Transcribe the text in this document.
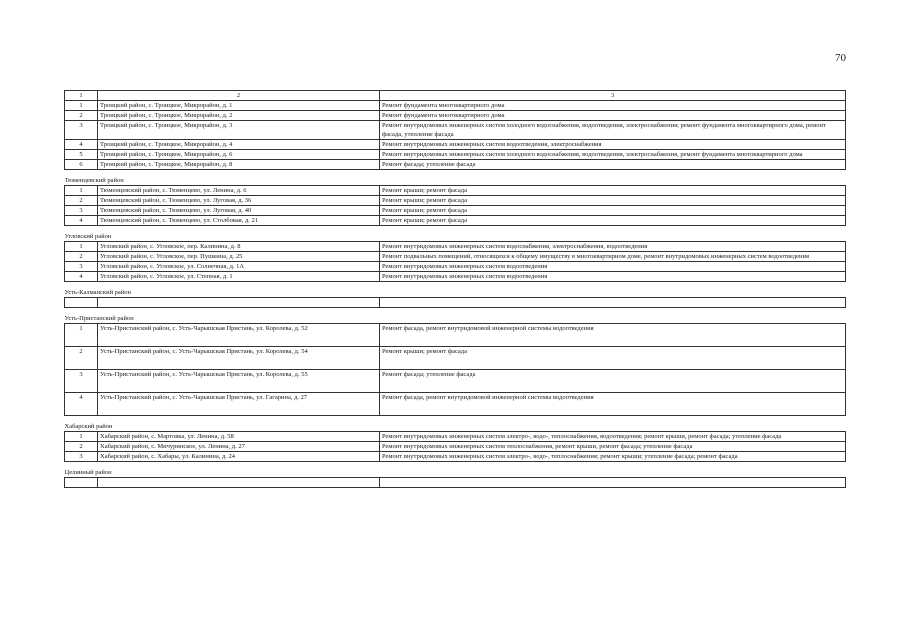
70
1	2	3
1	Троицкий район, с. Троицкое, Микрорайон, д. 1	Ремонт фундамента многоквартирного дома
2	Троицкий район, с. Троицкое, Микрорайон, д. 2	Ремонт фундамента многоквартирного дома
3	Троицкий район, с. Троицкое, Микрорайон, д. 3	Ремонт внутридомовых инженерных систем холодного водоснабжения, водоотведения, электроснабжения; ремонт фундамента многоквартирного дома, ремонт фасада, утепление фасада
4	Троицкий район, с. Троицкое, Микрорайон, д. 4	Ремонт внутридомовых инженерных систем водоотведения, электроснабжения
5	Троицкий район, с. Троицкое, Микрорайон, д. 6	Ремонт внутридомовых инженерных систем холодного водоснабжения, водоотведения, электроснабжения, ремонт фундамента многоквартирного дома
6	Троицкий район, с. Троицкое, Микрорайон, д. 8	Ремонт фасада; утепление фасада
Тюменцевский район		
1	Тюменцевский район, с. Тюменцево, ул. Ленина, д. 6	Ремонт крыши; ремонт фасада
2	Тюменцевский район, с. Тюменцево, ул. Луговая, д. 36	Ремонт крыши; ремонт фасада
3	Тюменцевский район, с. Тюменцево, ул. Луговая, д. 40	Ремонт крыши; ремонт фасада
4	Тюменцевский район, с. Тюменцево, ул. Столбовая, д. 21	Ремонт крыши; ремонт фасада
Угловский район		
1	Угловский район, с. Угловское, пер. Калинина, д. 8	Ремонт внутридомовых инженерных систем водоснабжения, электроснабжения, водоотведения
2	Угловский район, с. Угловское, пер. Пушкина, д. 25	Ремонт подвальных помещений, относящихся к общему имуществу в многоквартирном доме, ремонт внутридомовых инженерных систем водоотведения
3	Угловский район, с. Угловское, ул. Солнечная, д. 1А	Ремонт внутридомовых инженерных систем водоотведения
4	Угловский район, с. Угловское, ул. Степная, д. 1	Ремонт внутридомовых инженерных систем водоотведения
Усть-Калманский район		

Усть-Пристанский район		
1	Усть-Пристанский район, с. Усть-Чарышская Пристань, ул. Королева, д. 52	Ремонт фасада, ремонт внутридомовой инженерной системы водоотведения
2	Усть-Пристанский район, с. Усть-Чарышская Пристань, ул. Королева, д. 54	Ремонт крыши; ремонт фасада
3	Усть-Пристанский район, с. Усть-Чарышская Пристань, ул. Королева, д. 55	Ремонт фасада; утепление фасада
4	Усть-Пристанский район, с. Усть-Чарышская Пристань, ул. Гагарина, д. 27	Ремонт фасада, ремонт внутридомовой инженерной системы водоотведения
Хабарский район		
1	Хабарский район, с. Мартовка, ул. Ленина, д. 58	Ремонт внутридомовых инженерных систем электро-, водо-, теплоснабжения, водоотведения; ремонт крыши, ремонт фасада; утепление фасада
2	Хабарский район, с. Мичуринское, ул. Ленина, д. 27	Ремонт внутридомовых инженерных систем теплоснабжения, ремонт крыши, ремонт фасада; утепление фасада
3	Хабарский район, с. Хабары, ул. Калинина, д. 24	Ремонт внутридомовых инженерных систем электро-, водо-, теплоснабжения; ремонт крыши; утепление фасада; ремонт фасада
Целинный район		
